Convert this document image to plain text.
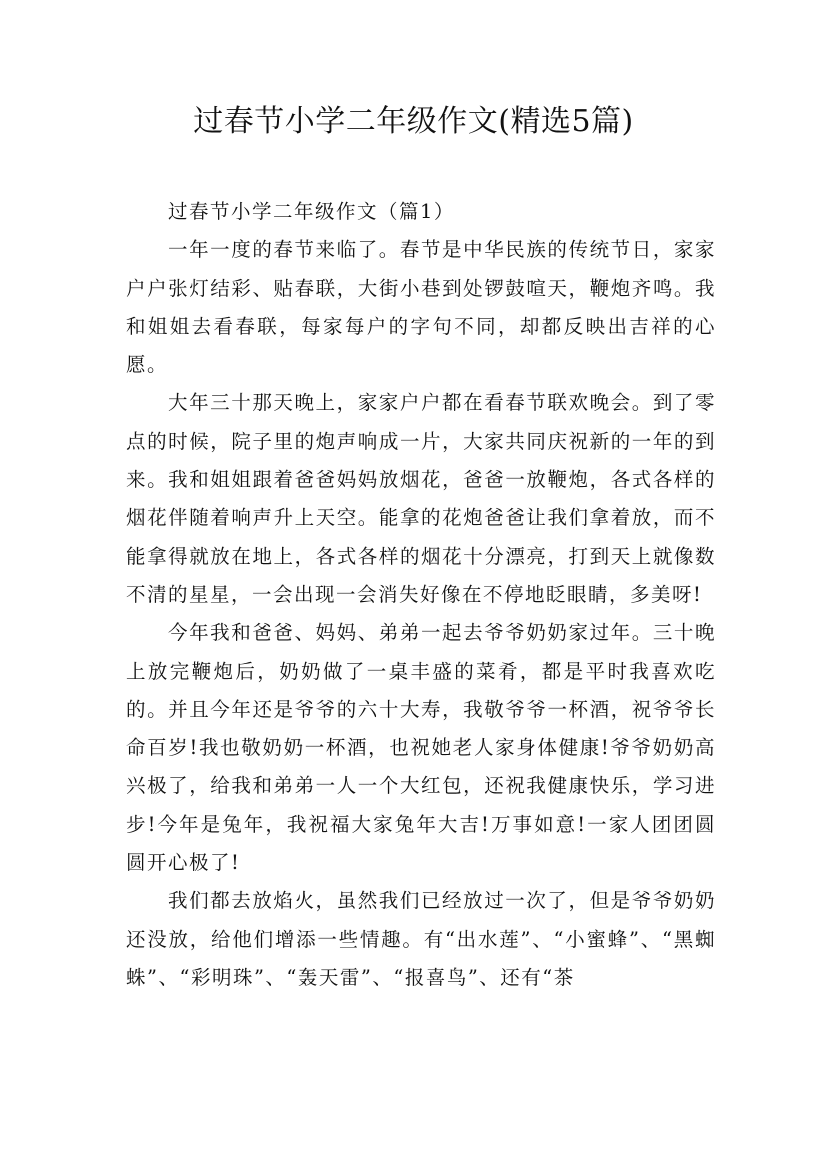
过春节小学二年级作文(精选5篇)
过春节小学二年级作文（篇1）

一年一度的春节来临了。春节是中华民族的传统节日，家家户户张灯结彩、贴春联，大街小巷到处锣鼓喧天，鞭炮齐鸣。我和姐姐去看春联，每家每户的字句不同，却都反映出吉祥的心愿。

大年三十那天晚上，家家户户都在看春节联欢晚会。到了零点的时候，院子里的炮声响成一片，大家共同庆祝新的一年的到来。我和姐姐跟着爸爸妈妈放烟花，爸爸一放鞭炮，各式各样的烟花伴随着响声升上天空。能拿的花炮爸爸让我们拿着放，而不能拿得就放在地上，各式各样的烟花十分漂亮，打到天上就像数不清的星星，一会出现一会消失好像在不停地眨眼睛，多美呀!

今年我和爸爸、妈妈、弟弟一起去爷爷奶奶家过年。三十晚上放完鞭炮后，奶奶做了一桌丰盛的菜肴，都是平时我喜欢吃的。并且今年还是爷爷的六十大寿，我敬爷爷一杯酒，祝爷爷长命百岁!我也敬奶奶一杯酒，也祝她老人家身体健康!爷爷奶奶高兴极了，给我和弟弟一人一个大红包，还祝我健康快乐，学习进步!今年是兔年，我祝福大家兔年大吉!万事如意!一家人团团圆圆开心极了!

我们都去放焰火，虽然我们已经放过一次了，但是爷爷奶奶还没放，给他们增添一些情趣。有“出水莲”、“小蜜蜂”、“黑蜘蛛”、“彩明珠”、“轰天雷”、“报喜鸟”、还有“茶
